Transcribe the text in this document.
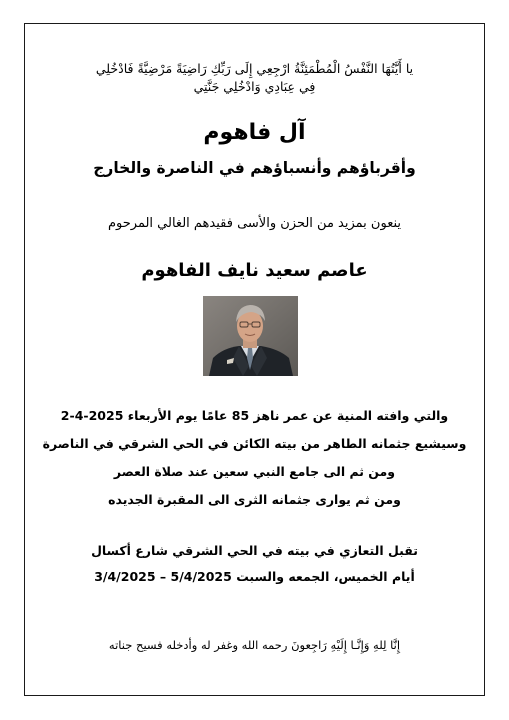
يا أَيَّتُهَا النَّفْسُ الْمُطْمَئِنَّةُ ارْجِعِي إِلَى رَبِّكِ رَاضِيَةً مَرْضِيَّةً فَادْخُلِي
فِي عِبَادِي وَادْخُلِي جَنَّتِي
آل فاهوم
وأقرباؤهم وأنسباؤهم في الناصرة والخارج
ينعون بمزيد من الحزن والأسى فقيدهم الغالي المرحوم
عاصم سعيد نايف الفاهوم
والتي وافته المنية عن عمر ناهز 85 عامًا يوم الأربعاء 2025-4-2
وسيشيع جثمانه الطاهر من بيته الكائن في الحي الشرقي في الناصرة
ومن ثم الى جامع النبي سعين عند صلاة العصر
ومن ثم يوارى جثمانه الثرى الى المقبرة الجديده
تقبل التعازي في بيته في الحي الشرقي شارع أكسال
أيام الخميس، الجمعه والسبت 5/4/2025 – 3/4/2025
إِنَّا لِلهِ وَإِنَّـا إِلَيْهِ رَاجِعونَ رحمه الله وغفر له وأدخله فسيح جناته
